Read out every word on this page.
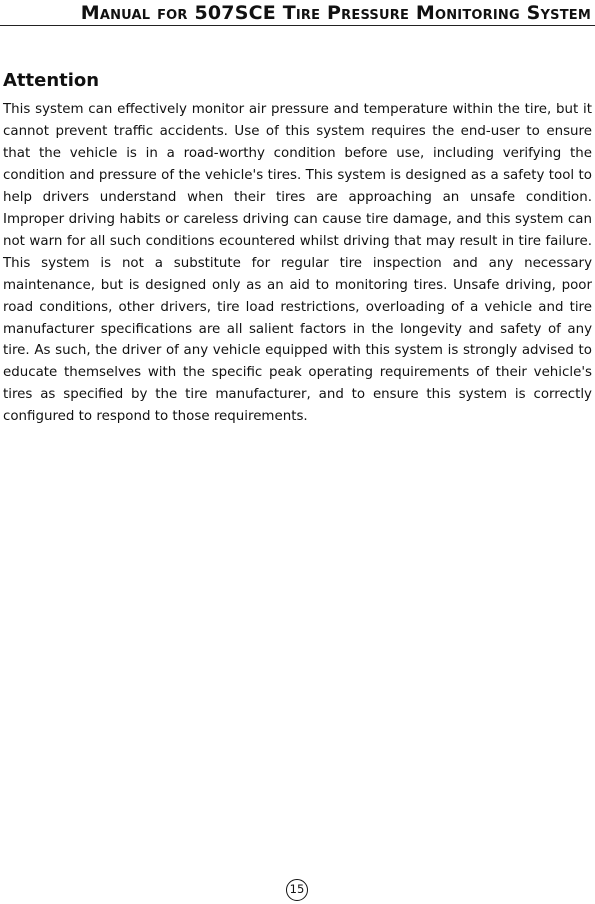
Manual for 507SCE Tire Pressure Monitoring System
Attention

This system can effectively monitor air pressure and temperature within the tire, but it cannot prevent traffic accidents. Use of this system requires the end-user to ensure that the vehicle is in a road-worthy condition before use, including verifying the condition and pressure of the vehicle's tires. This system is designed as a safety tool to help drivers understand when their tires are approaching an unsafe condition. Improper driving habits or careless driving can cause tire damage, and this system can not warn for all such conditions ecountered whilst driving that may result in tire failure. This system is not a substitute for regular tire inspection and any necessary maintenance, but is designed only as an aid to monitoring tires. Unsafe driving, poor road conditions, other drivers, tire load restrictions, overloading of a vehicle and tire manufacturer specifications are all salient factors in the longevity and safety of any tire. As such, the driver of any vehicle equipped with this system is strongly advised to educate themselves with the specific peak operating requirements of their vehicle's tires as specified by the tire manufacturer, and to ensure this system is correctly configured to respond to those requirements.

15
